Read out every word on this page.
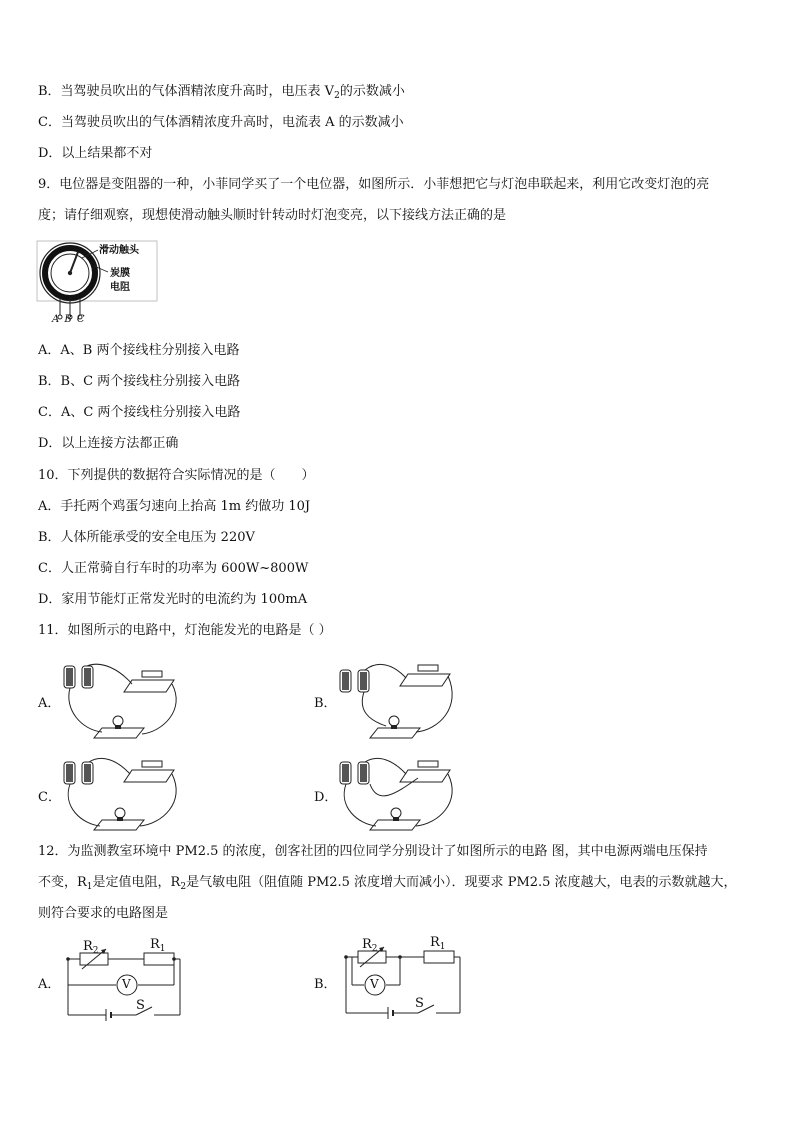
B．当驾驶员吹出的气体酒精浓度升高时，电压表 $V_2$的示数减小
C．当驾驶员吹出的气体酒精浓度升高时，电流表 A 的示数减小
D．以上结果都不对
9．电位器是变阻器的一种，小菲同学买了一个电位器，如图所示．小菲想把它与灯泡串联起来，利用它改变灯泡的亮
度；请仔细观察，现想使滑动触头顺时针转动时灯泡变亮，以下接线方法正确的是
滑动触头
炭膜
电阻
A B C
A．A、B 两个接线柱分别接入电路
B．B、C 两个接线柱分别接入电路
C．A、C 两个接线柱分别接入电路
D．以上连接方法都正确
10．下列提供的数据符合实际情况的是（　　）
A．手托两个鸡蛋匀速向上抬高 1m 约做功 10J
B．人体所能承受的安全电压为 220V
C．人正常骑自行车时的功率为 600W~800W
D．家用节能灯正常发光时的电流约为 100mA
11．如图所示的电路中，灯泡能发光的电路是（ ）
A．	B．
C．	D．
12．为监测教室环境中 PM2.5 的浓度，创客社团的四位同学分别设计了如图所示的电路 图，其中电源两端电压保持
不变，$R_1$是定值电阻，$R_2$是气敏电阻（阻值随 PM2.5 浓度增大而减小）．现要求 PM2.5 浓度越大，电表的示数就越大，
则符合要求的电路图是
A．	B．
$R_2$	$R_1$
V
S
$R_2$	$R_1$
V
S
